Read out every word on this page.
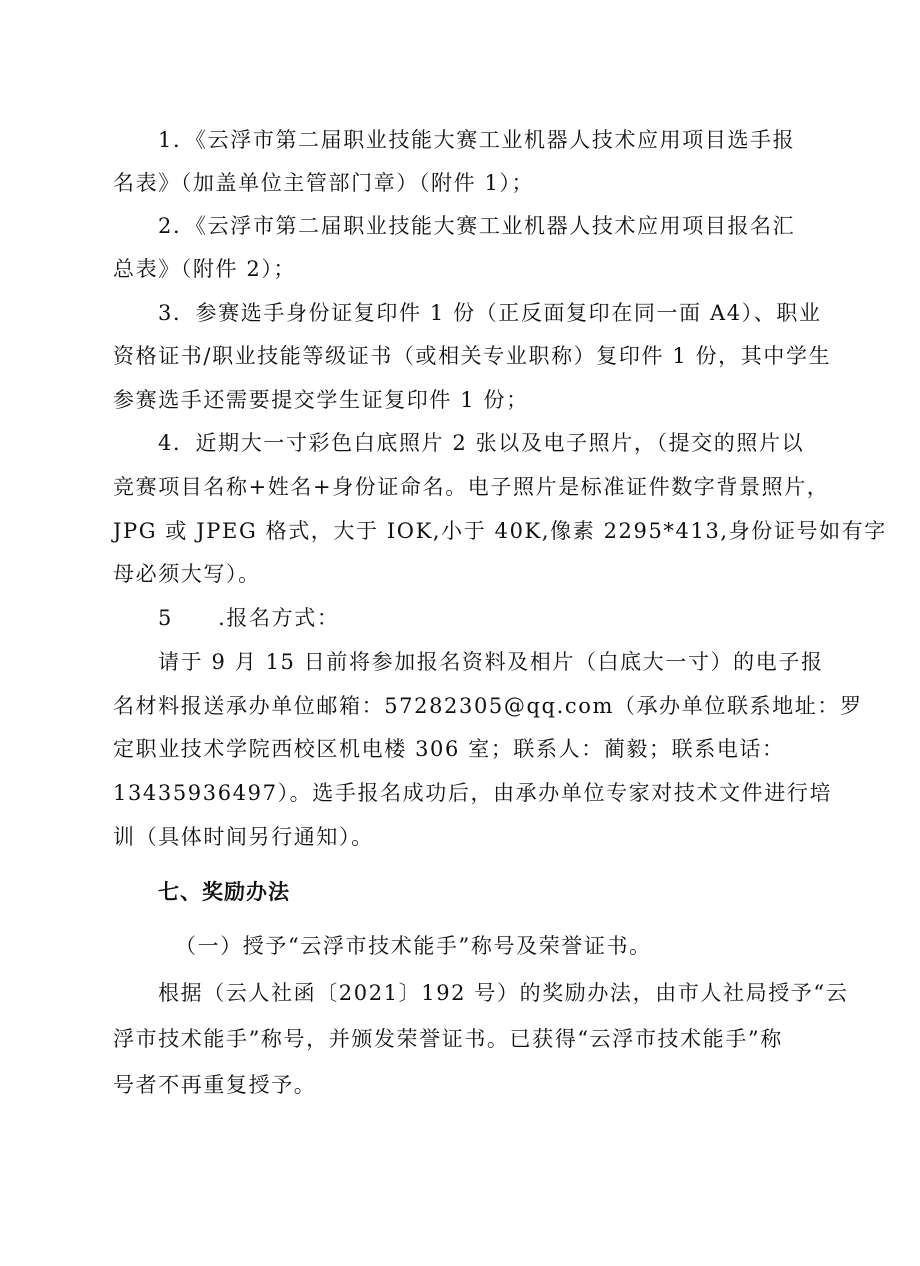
1．《云浮市第二届职业技能大赛工业机器人技术应用项目选手报
名表》（加盖单位主管部门章）（附件 1）；
2．《云浮市第二届职业技能大赛工业机器人技术应用项目报名汇
总表》（附件 2）；
3．参赛选手身份证复印件 1 份（正反面复印在同一面 A4）、职业
资格证书/职业技能等级证书（或相关专业职称）复印件 1 份，其中学生
参赛选手还需要提交学生证复印件 1 份；
4．近期大一寸彩色白底照片 2 张以及电子照片，（提交的照片以
竞赛项目名称+姓名+身份证命名。电子照片是标准证件数字背景照片，
JPG 或 JPEG 格式，大于 IOK,小于 40K,像素 2295*413,身份证号如有字
母必须大写）。
5　　.报名方式：
请于 9 月 15 日前将参加报名资料及相片（白底大一寸）的电子报
名材料报送承办单位邮箱：57282305@qq.com（承办单位联系地址：罗
定职业技术学院西校区机电楼 306 室；联系人：蔺毅；联系电话：
13435936497）。选手报名成功后，由承办单位专家对技术文件进行培
训（具体时间另行通知）。
七、奖励办法
（一）授予“云浮市技术能手”称号及荣誉证书。
根据（云人社函〔2021〕192 号）的奖励办法，由市人社局授予“云
浮市技术能手”称号，并颁发荣誉证书。已获得“云浮市技术能手”称
号者不再重复授予。
